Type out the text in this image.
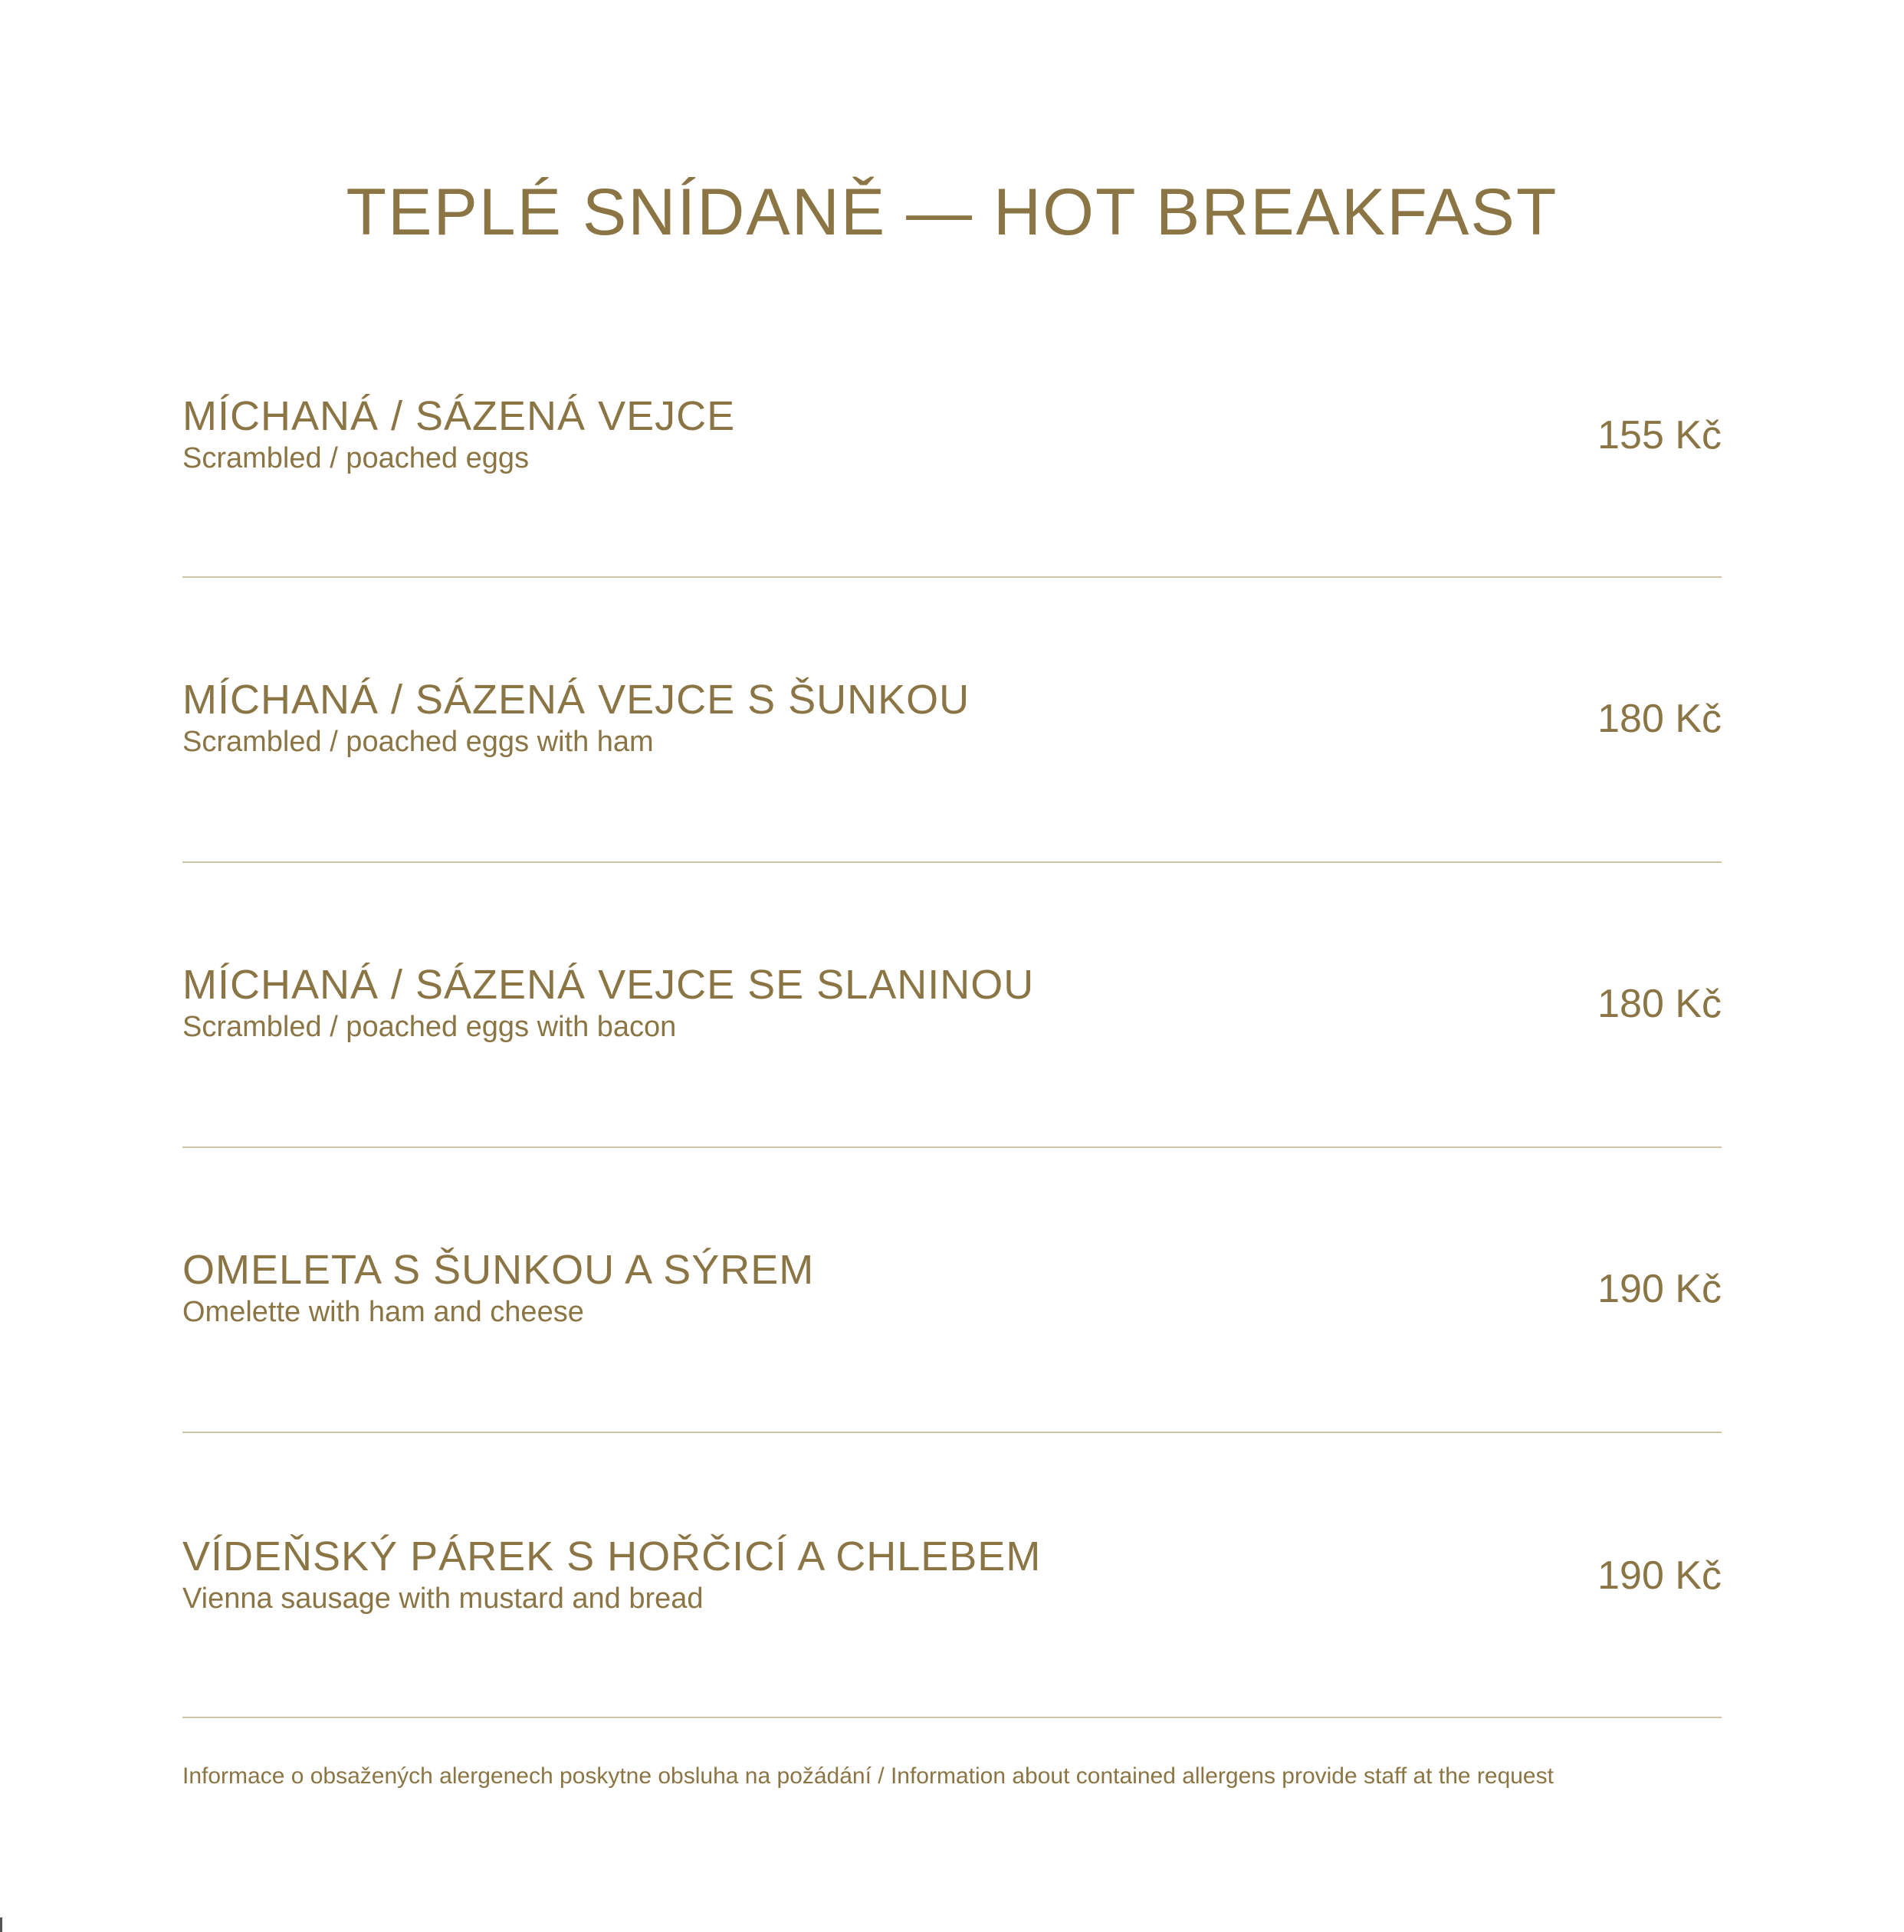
TEPLÉ SNÍDANĚ — HOT BREAKFAST
MÍCHANÁ / SÁZENÁ VEJCE
Scrambled / poached eggs
155 Kč
MÍCHANÁ / SÁZENÁ VEJCE S ŠUNKOU
Scrambled / poached eggs with ham
180 Kč
MÍCHANÁ / SÁZENÁ VEJCE SE SLANINOU
Scrambled / poached eggs with bacon
180 Kč
OMELETA S ŠUNKOU A SÝREM
Omelette with ham and cheese
190 Kč
VÍDEŇSKÝ PÁREK S HOŘČICÍ A CHLEBEM
Vienna sausage with mustard and bread
190 Kč
Informace o obsažených alergenech poskytne obsluha na požádání / Information about contained allergens provide staff at the request
